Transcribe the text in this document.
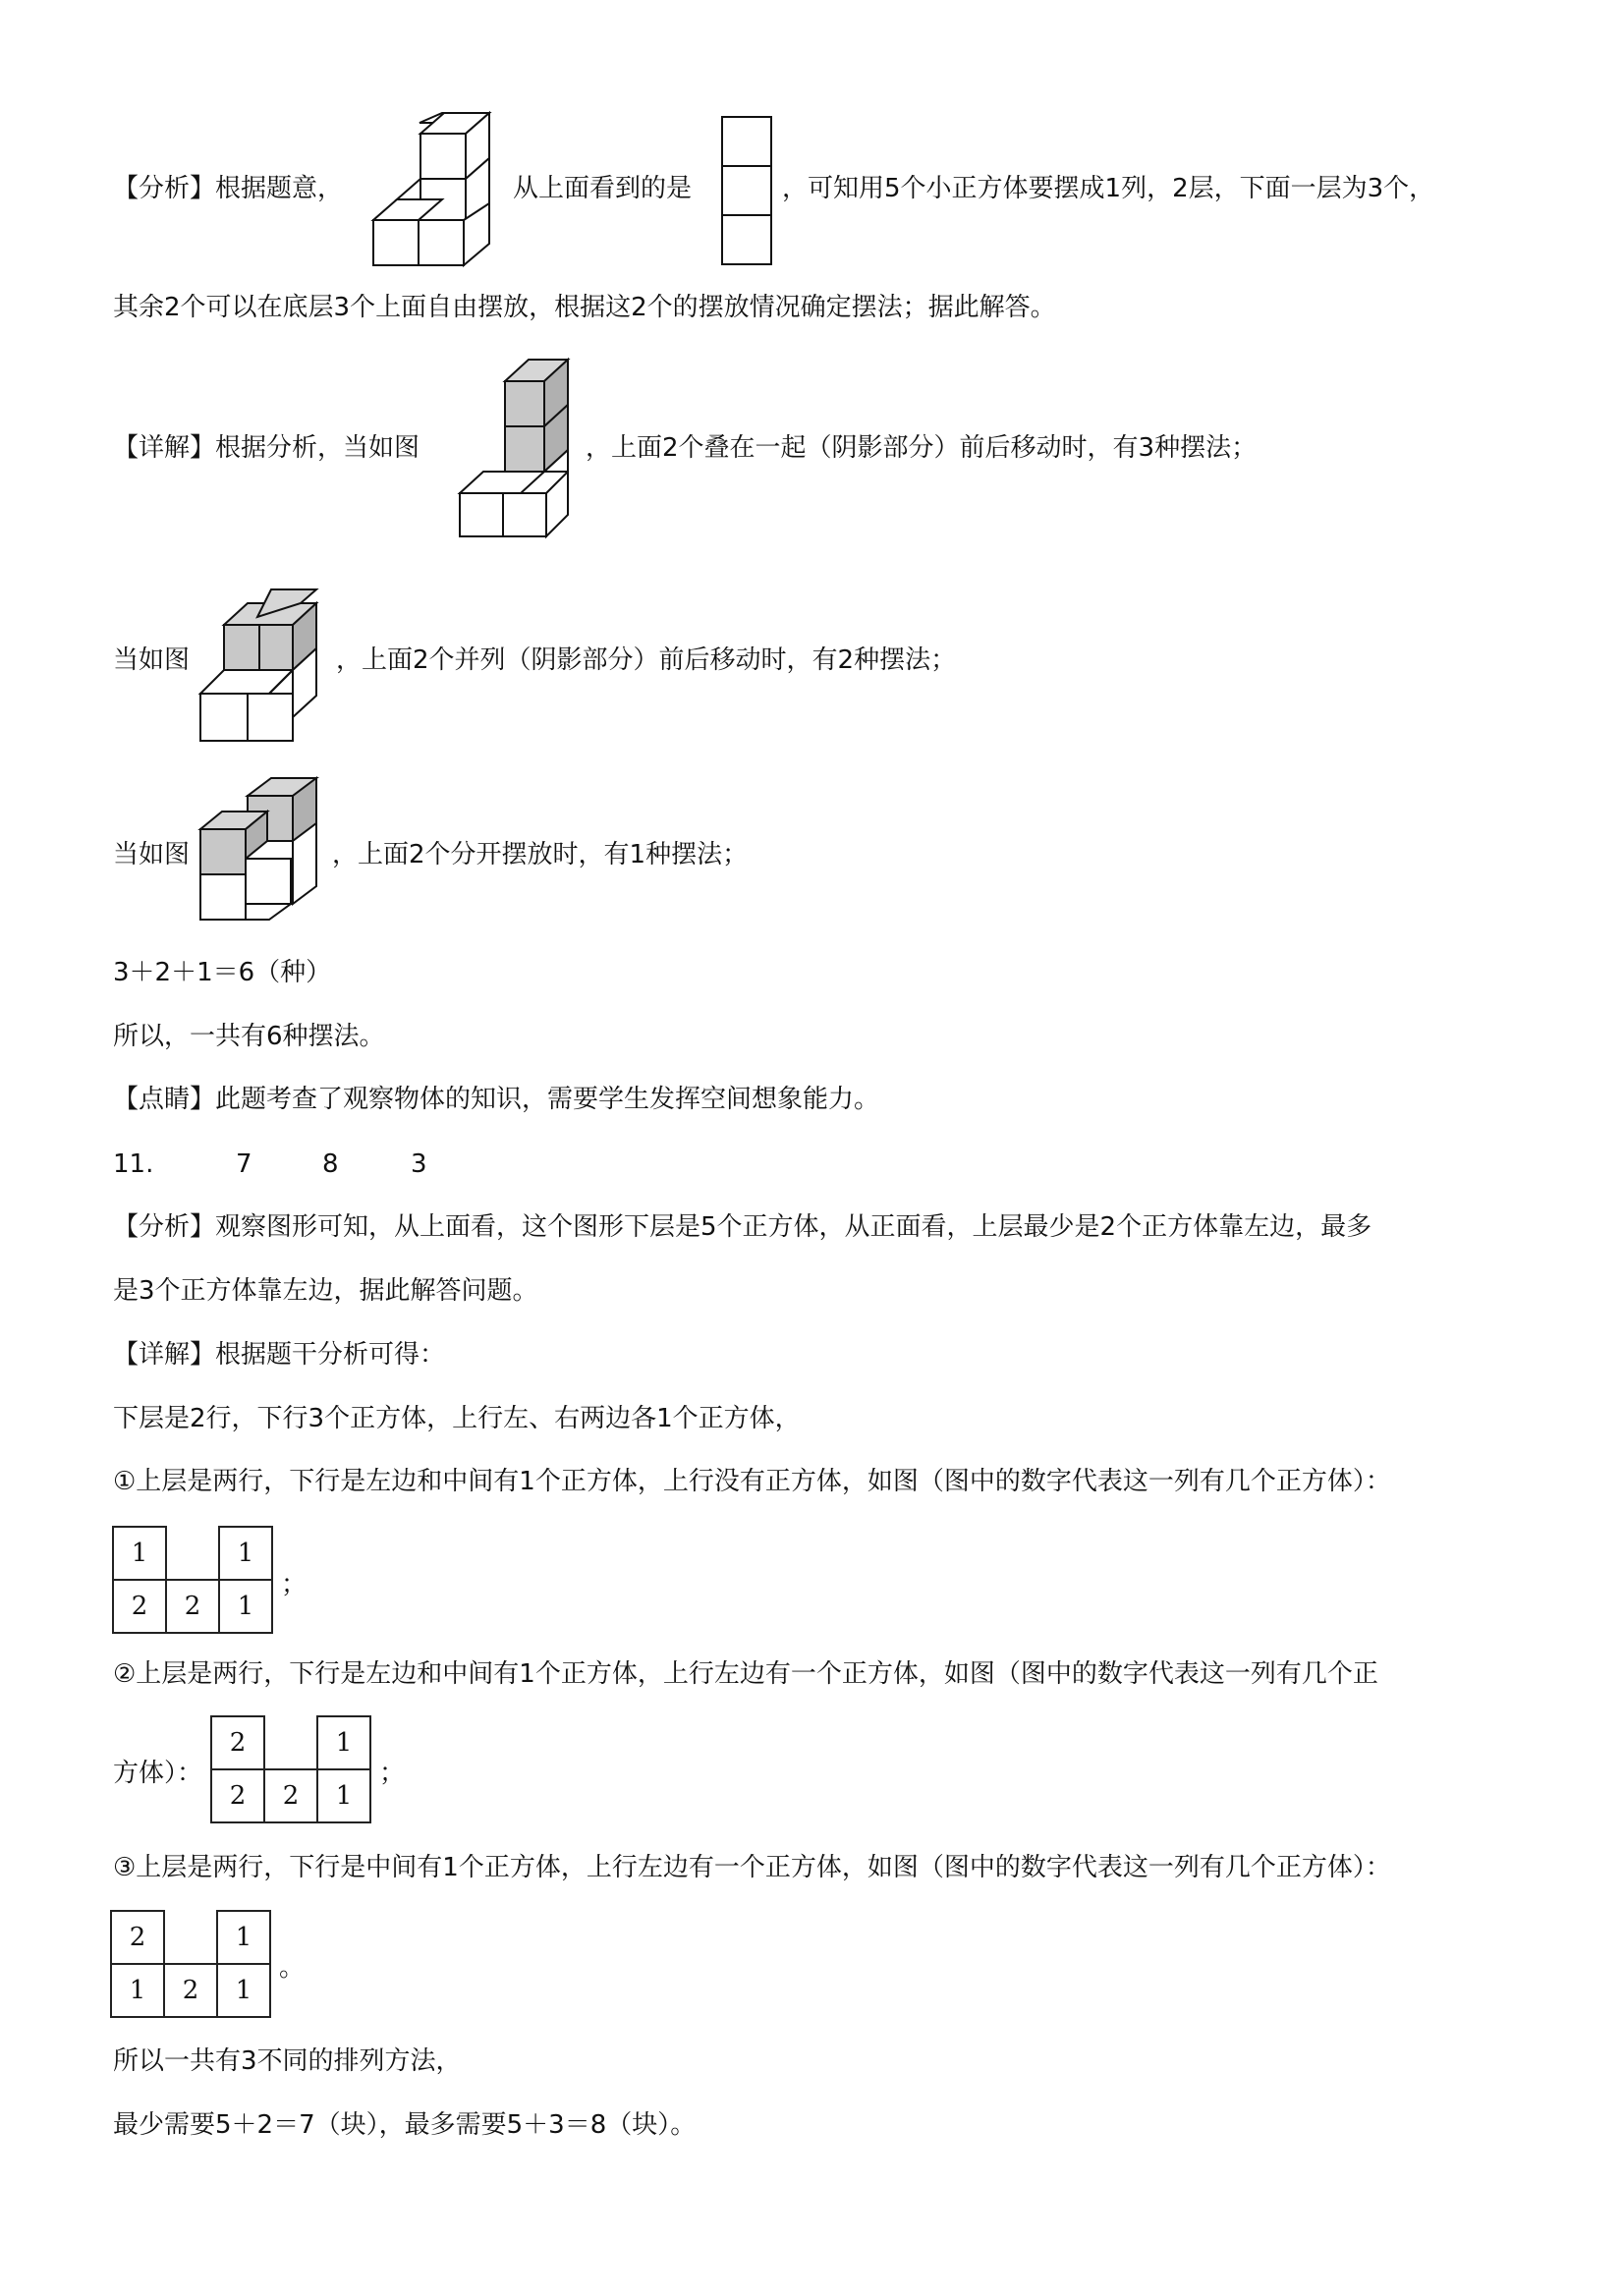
【分析】根据题意，	从上面看到的是	，可知用5个小正方体要摆成1列，2层，下面一层为3个，
其余2个可以在底层3个上面自由摆放，根据这2个的摆放情况确定摆法；据此解答。
【详解】根据分析，当如图	，上面2个叠在一起（阴影部分）前后移动时，有3种摆法；
当如图	，上面2个并列（阴影部分）前后移动时，有2种摆法；
当如图	，上面2个分开摆放时，有1种摆法；
3＋2＋1＝6（种）
所以，一共有6种摆法。
【点睛】此题考查了观察物体的知识，需要学生发挥空间想象能力。
11.	7	8	3
【分析】观察图形可知，从上面看，这个图形下层是5个正方体，从正面看，上层最少是2个正方体靠左边，最多
是3个正方体靠左边，据此解答问题。
【详解】根据题干分析可得：
下层是2行，下行3个正方体，上行左、右两边各1个正方体，
①上层是两行，下行是左边和中间有1个正方体，上行没有正方体，如图（图中的数字代表这一列有几个正方体）：
1		1
2	2	1
；
②上层是两行，下行是左边和中间有1个正方体，上行左边有一个正方体，如图（图中的数字代表这一列有几个正
方体）：
2		1
2	2	1
；
③上层是两行，下行是中间有1个正方体，上行左边有一个正方体，如图（图中的数字代表这一列有几个正方体）：
2		1
1	2	1
。
所以一共有3不同的排列方法，
最少需要5＋2＝7（块），最多需要5＋3＝8（块）。
